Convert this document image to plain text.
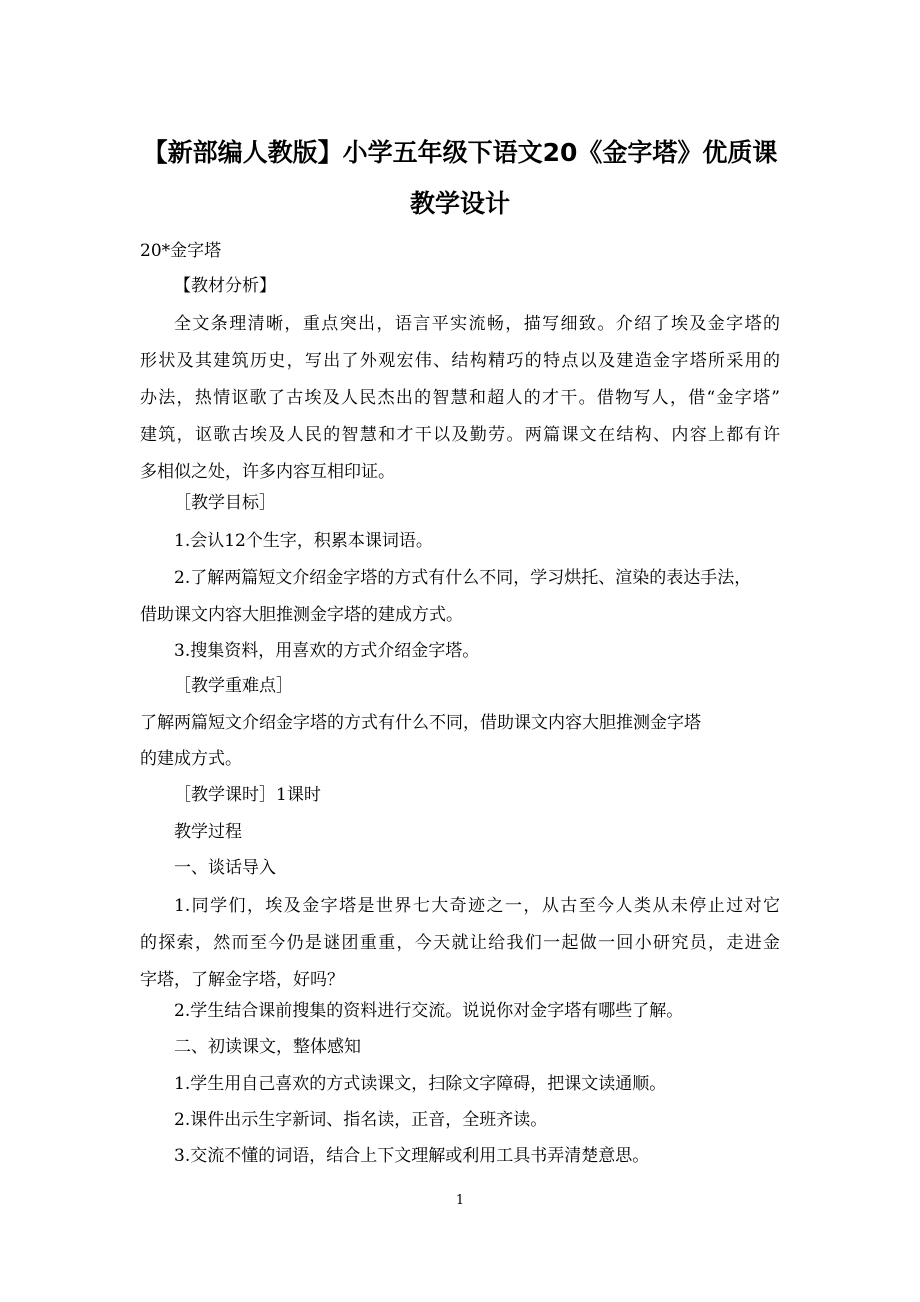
【新部编人教版】小学五年级下语文20《金字塔》优质课
教学设计
20*金字塔
【教材分析】
全文条理清晰，重点突出，语言平实流畅，描写细致。介绍了埃及金字塔的
形状及其建筑历史，写出了外观宏伟、结构精巧的特点以及建造金字塔所采用的
办法，热情讴歌了古埃及人民杰出的智慧和超人的才干。借物写人，借“金字塔”
建筑，讴歌古埃及人民的智慧和才干以及勤劳。两篇课文在结构、内容上都有许
多相似之处，许多内容互相印证。
［教学目标］
1.会认12个生字，积累本课词语。
2.了解两篇短文介绍金字塔的方式有什么不同，学习烘托、渲染的表达手法，
借助课文内容大胆推测金字塔的建成方式。
3.搜集资料，用喜欢的方式介绍金字塔。
［教学重难点］
了解两篇短文介绍金字塔的方式有什么不同，借助课文内容大胆推测金字塔
的建成方式。
［教学课时］1课时
教学过程
一、谈话导入
1.同学们，埃及金字塔是世界七大奇迹之一，从古至今人类从未停止过对它
的探索，然而至今仍是谜团重重，今天就让给我们一起做一回小研究员，走进金
字塔，了解金字塔，好吗？
2.学生结合课前搜集的资料进行交流。说说你对金字塔有哪些了解。
二、初读课文，整体感知
1.学生用自己喜欢的方式读课文，扫除文字障碍，把课文读通顺。
2.课件出示生字新词、指名读，正音，全班齐读。
3.交流不懂的词语，结合上下文理解或利用工具书弄清楚意思。
1
